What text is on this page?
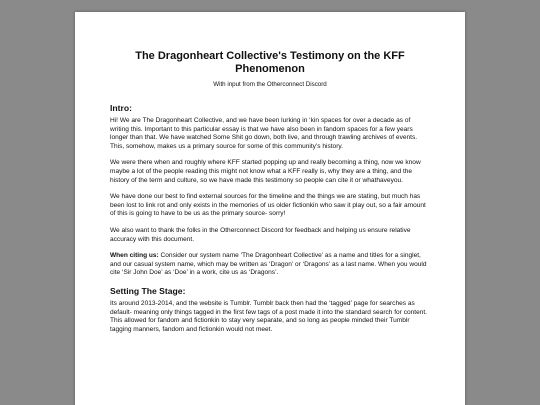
The Dragonheart Collective's Testimony on the KFF Phenomenon
With input from the Otherconnect Discord
Intro:

Hi! We are The Dragonheart Collective, and we have been lurking in ‘kin spaces for over a decade as of writing this. Important to this particular essay is that we have also been in fandom spaces for a few years longer than that. We have watched Some Shit go down, both live, and through trawling archives of events. This, somehow, makes us a primary source for some of this community’s history.

We were there when and roughly where KFF started popping up and really becoming a thing, now we know maybe a lot of the people reading this might not know what a KFF really is, why they are a thing, and the history of the term and culture, so we have made this testimony so people can cite it or whathaveyou.

We have done our best to find external sources for the timeline and the things we are stating, but much has been lost to link rot and only exists in the memories of us older fictionkin who saw it play out, so a fair amount of this is going to have to be us as the primary source- sorry!

We also want to thank the folks in the Otherconnect Discord for feedback and helping us ensure relative accuracy with this document.

When citing us: Consider our system name ‘The Dragonheart Collective’ as a name and titles for a singlet, and our casual system name, which may be written as ‘Dragon’ or ‘Dragons’ as a last name. When you would cite ‘Sir John Doe’ as ‘Doe’ in a work, cite us as ‘Dragons’.

Setting The Stage:

Its around 2013-2014, and the website is Tumblr. Tumblr back then had the ‘tagged’ page for searches as default- meaning only things tagged in the first few tags of a post made it into the standard search for content. This allowed for fandom and fictionkin to stay very separate, and so long as people minded their Tumblr tagging manners, fandom and fictionkin would not meet.
